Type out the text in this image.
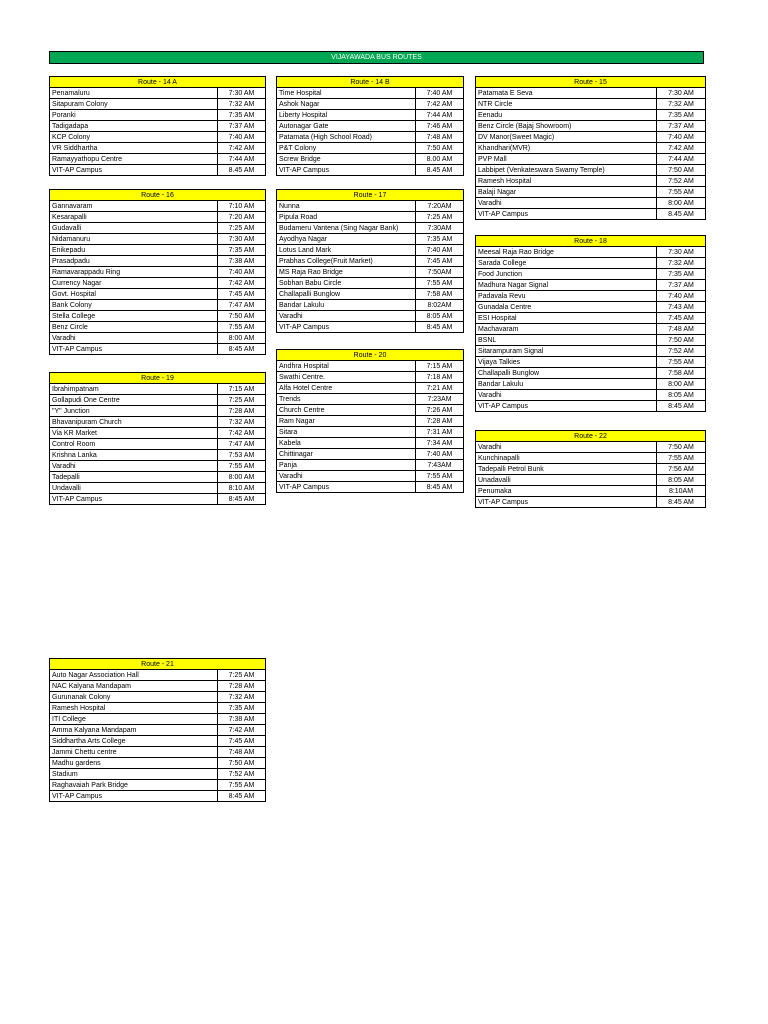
VIJAYAWADA BUS ROUTES
Route - 14 A	
Penamaluru	7:30 AM
Sitapuram Colony	7:32 AM
Poranki	7:35 AM
Tadigadapa	7:37 AM
KCP Colony	7:40 AM
VR Siddhartha	7:42 AM
Ramayyathopu Centre	7:44 AM
VIT-AP Campus	8.45 AM
Route - 14 B	
Time Hospital	7:40 AM
Ashok Nagar	7:42 AM
Liberty Hospital	7:44 AM
Autonagar Gate	7:46 AM
Patamata (High School Road)	7:48 AM
P&T Colony	7:50 AM
Screw Bridge	8.00 AM
VIT-AP Campus	8.45 AM
Route - 15	
Patamata E Seva	7:30 AM
NTR Circle	7:32 AM
Eenadu	7:35 AM
Benz Circle (Bajaj Showroom)	7:37 AM
DV Manor(Sweet Magic)	7:40 AM
Khandhari(MVR)	7:42 AM
PVP Mall	7:44 AM
Labbipet (Venkateswara Swamy Temple)	7:50 AM
Ramesh Hospital	7:52 AM
Balaji Nagar	7:55 AM
Varadhi	8:00 AM
VIT-AP Campus	8.45 AM
Route - 16	
Gannavaram	7:10 AM
Kesarapalli	7:20 AM
Gudavalli	7:25 AM
Nidamanuru	7:30 AM
Enikepadu	7:35 AM
Prasadpadu	7:38 AM
Ramavarappadu Ring	7:40 AM
Currency Nagar	7:42 AM
Govt. Hospital	7:45 AM
Bank Colony	7:47 AM
Stella College	7:50 AM
Benz Circle	7:55 AM
Varadhi	8:00 AM
VIT-AP Campus	8:45 AM
Route - 17	
Nunna	7:20AM
Pipula Road	7:25 AM
Budameru Vantena (Sing Nagar Bank)	7:30AM
Ayodhya Nagar	7:35 AM
Lotus Land Mark	7:40 AM
Prabhas College(Fruit Market)	7:45 AM
MS Raja Rao Bridge	7:50AM
Sobhan Babu Circle	7:55 AM
Challapalli Bunglow	7:58 AM
Bandar Lakulu	8:02AM
Varadhi	8:05 AM
VIT-AP Campus	8:45 AM
Route - 18	
Meesal Raja Rao Bridge	7:30 AM
Sarada College	7:32 AM
Food Junction	7:35 AM
Madhura Nagar Signal	7:37 AM
Padavala Revu	7:40 AM
Gunadala Centre	7:43 AM
ESI Hospital	7:45 AM
Machavaram	7:48 AM
BSNL	7:50 AM
Sitarampuram Signal	7:52 AM
Vijaya Talkies	7:55 AM
Challapalli Bunglow	7:58 AM
Bandar Lakulu	8:00 AM
Varadhi	8:05 AM
VIT-AP Campus	8:45 AM
Route - 19	
Ibrahimpatnam	7:15 AM
Gollapudi One Centre	7:25 AM
"Y" Junction	7:28 AM
Bhavanipuram Church	7:32 AM
Via KR Market	7:42 AM
Control Room	7:47 AM
Krishna Lanka	7:53 AM
Varadhi	7:55 AM
Tadepalli	8:00 AM
Undavalli	8:10 AM
VIT-AP Campus	8:45 AM
Route - 20	
Andhra Hospital	7:15 AM
Swathi Centre.	7:18 AM
Alfa Hotel Centre	7:21 AM
Trends	7:23AM
Church Centre	7:26 AM
Ram Nagar	7:28 AM
Sitara	7:31 AM
Kabela	7:34 AM
Chittinagar	7:40 AM
Panja	7:43AM
Varadhi	7:55 AM
VIT-AP Campus	8:45 AM
Route - 21	
Auto Nagar Association Hall	7:25 AM
NAC Kalyana Mandapam	7:28 AM
Gurunanak Colony	7:32 AM
Ramesh Hospital	7:35 AM
ITI College	7:38 AM
Amma Kalyana Mandapam	7:42 AM
Siddhartha Arts College	7:45 AM
Jammi Chettu centre	7:48 AM
Madhu gardens	7:50 AM
Stadium	7:52 AM
Raghavaiah Park Bridge	7:55 AM
VIT-AP Campus	8:45 AM
Route - 22	
Varadhi	7:50 AM
Kunchinapalli	7:55 AM
Tadepalli Petrol Bunk	7:56 AM
Unadavalli	8:05 AM
Penumaka	8:10AM
VIT-AP Campus	8:45 AM
